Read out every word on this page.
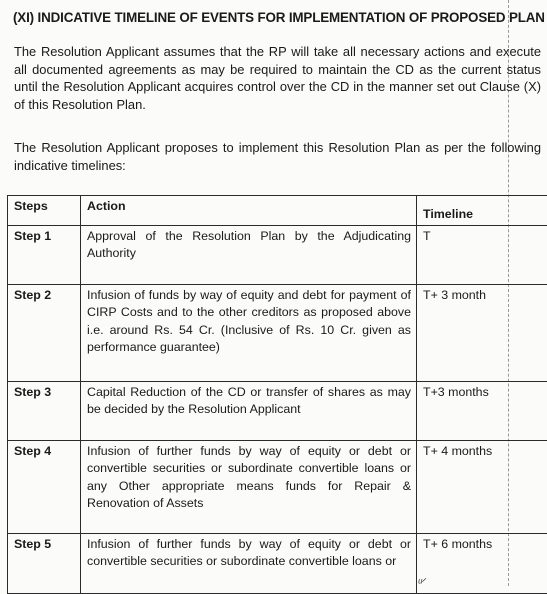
(XI) INDICATIVE TIMELINE OF EVENTS FOR IMPLEMENTATION OF PROPOSED PLAN
The Resolution Applicant assumes that the RP will take all necessary actions and execute all documented agreements as may be required to maintain the CD as the current status until the Resolution Applicant acquires control over the CD in the manner set out Clause (X) of this Resolution Plan.
The Resolution Applicant proposes to implement this Resolution Plan as per the following indicative timelines:
Steps	Action	Timeline
Step 1	Approval of the Resolution Plan by the Adjudicating Authority	T
Step 2	Infusion of funds by way of equity and debt for payment of CIRP Costs and to the other creditors as proposed above i.e. around Rs. 54 Cr. (Inclusive of Rs. 10 Cr. given as performance guarantee)	T+ 3 month
Step 3	Capital Reduction of the CD or transfer of shares as may be decided by the Resolution Applicant	T+3 months
Step 4	Infusion of further funds by way of equity or debt or convertible securities or subordinate convertible loans or any Other appropriate means funds for Repair & Renovation of Assets	T+ 4 months
Step 5	Infusion of further funds by way of equity or debt or convertible securities or subordinate convertible loans or	T+ 6 months
ᵘᐟ
